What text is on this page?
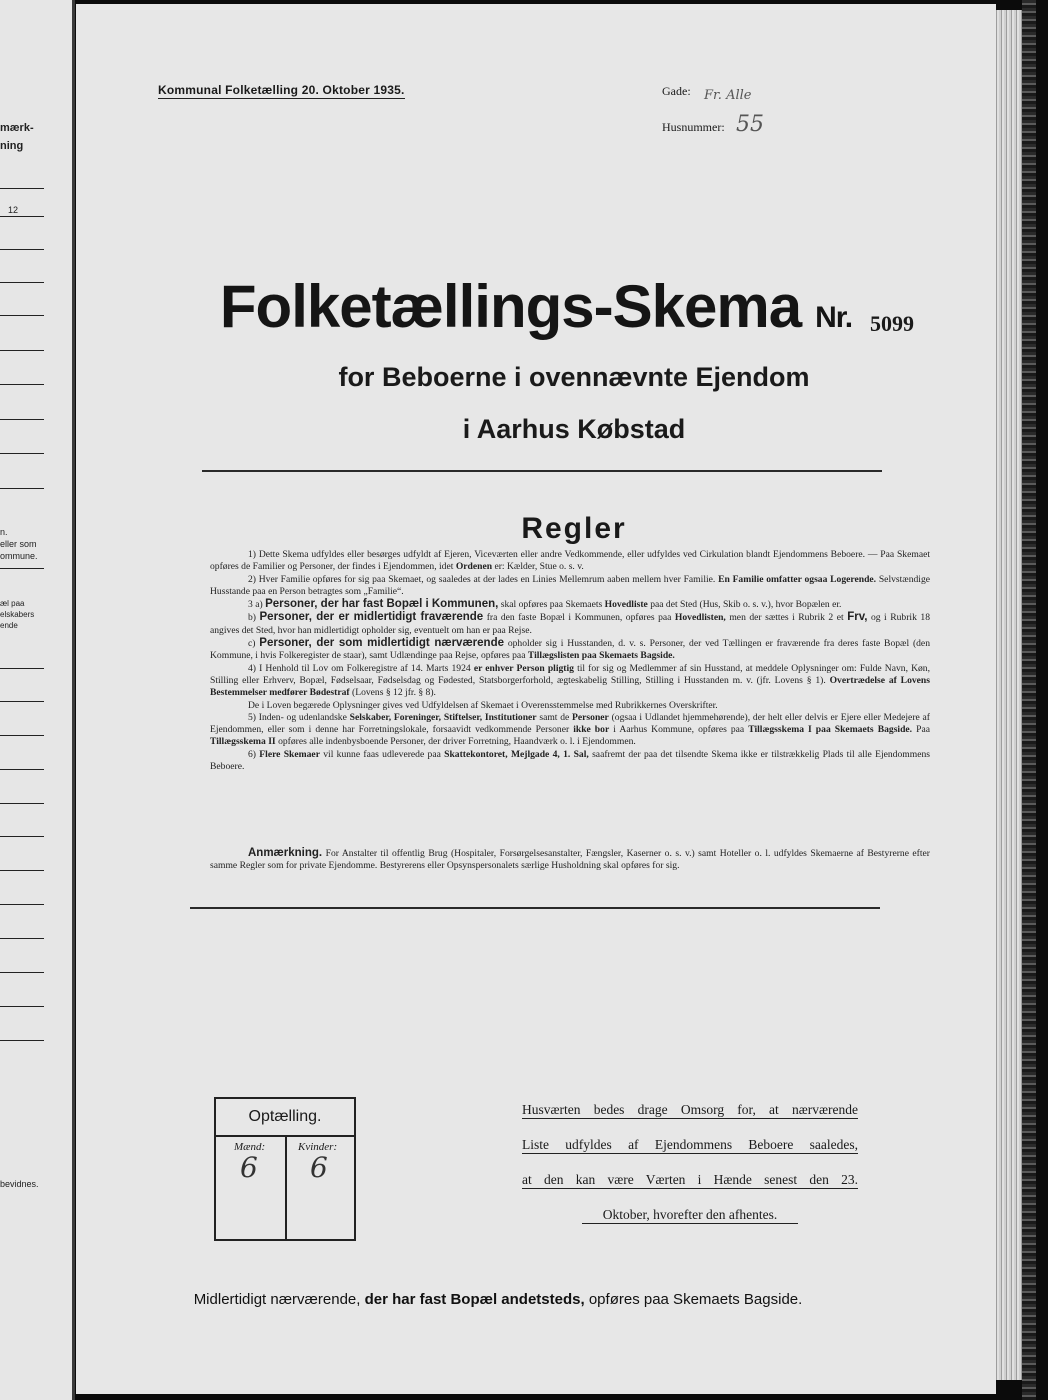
mærk-
ning
12
n.
eller som
ommune.
æl paa
elskabers
ende
bevidnes.
Kommunal Folketælling 20. Oktober 1935.	Gade: Fr. Alle
Husnummer: 55
Folketællings-Skema Nr. 5099
for Beboerne i ovennævnte Ejendom
i Aarhus Købstad
Regler

1) Dette Skema udfyldes eller besørges udfyldt af Ejeren, Viceværten eller andre Vedkommende, eller udfyldes ved Cirkulation blandt Ejendommens Beboere. — Paa Skemaet opføres de Familier og Personer, der findes i Ejendommen, idet Ordenen er: Kælder, Stue o. s. v.

2) Hver Familie opføres for sig paa Skemaet, og saaledes at der lades en Linies Mellemrum aaben mellem hver Familie. En Familie omfatter ogsaa Logerende. Selvstændige Husstande paa en Person betragtes som „Familie“.

3 a) Personer, der har fast Bopæl i Kommunen, skal opføres paa Skemaets Hovedliste paa det Sted (Hus, Skib o. s. v.), hvor Bopælen er.

b) Personer, der er midlertidigt fraværende fra den faste Bopæl i Kommunen, opføres paa Hovedlisten, men der sættes i Rubrik 2 et Frv, og i Rubrik 18 angives det Sted, hvor han midlertidigt opholder sig, eventuelt om han er paa Rejse.

c) Personer, der som midlertidigt nærværende opholder sig i Husstanden, d. v. s. Personer, der ved Tællingen er fraværende fra deres faste Bopæl (den Kommune, i hvis Folkeregister de staar), samt Udlændinge paa Rejse, opføres paa Tillægslisten paa Skemaets Bagside.

4) I Henhold til Lov om Folkeregistre af 14. Marts 1924 er enhver Person pligtig til for sig og Medlemmer af sin Husstand, at meddele Oplysninger om: Fulde Navn, Køn, Stilling eller Erhverv, Bopæl, Fødselsaar, Fødselsdag og Fødested, Statsborgerforhold, ægteskabelig Stilling, Stilling i Husstanden m. v. (jfr. Lovens § 1). Overtrædelse af Lovens Bestemmelser medfører Bødestraf (Lovens § 12 jfr. § 8).

De i Loven begærede Oplysninger gives ved Udfyldelsen af Skemaet i Overensstemmelse med Rubrikkernes Overskrifter.

5) Inden- og udenlandske Selskaber, Foreninger, Stiftelser, Institutioner samt de Personer (ogsaa i Udlandet hjemmehørende), der helt eller delvis er Ejere eller Medejere af Ejendommen, eller som i denne har Forretningslokale, forsaavidt vedkommende Personer ikke bor i Aarhus Kommune, opføres paa Tillægsskema I paa Skemaets Bagside. Paa Tillægsskema II opføres alle indenbysboende Personer, der driver Forretning, Haandværk o. l. i Ejendommen.

6) Flere Skemaer vil kunne faas udleverede paa Skattekontoret, Mejlgade 4, 1. Sal, saafremt der paa det tilsendte Skema ikke er tilstrækkelig Plads til alle Ejendommens Beboere.

Anmærkning. For Anstalter til offentlig Brug (Hospitaler, Forsørgelsesanstalter, Fængsler, Kaserner o. s. v.) samt Hoteller o. l. udfyldes Skemaerne af Bestyrerne efter samme Regler som for private Ejendomme. Bestyrerens eller Opsynspersonalets særlige Husholdning skal opføres for sig.
Optælling.
Mænd:	Kvinder:
6 6
Husværten bedes drage Omsorg for, at nærværende
Liste udfyldes af Ejendommens Beboere saaledes,
at den kan være Værten i Hænde senest den 23.
Oktober, hvorefter den afhentes.
Midlertidigt nærværende, der har fast Bopæl andetsteds, opføres paa Skemaets Bagside.
